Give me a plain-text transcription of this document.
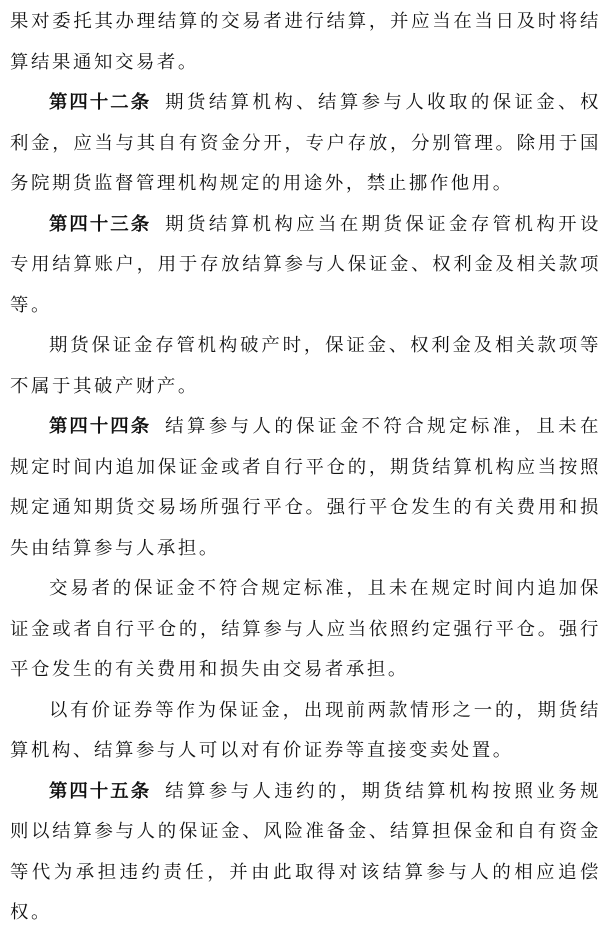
果对委托其办理结算的交易者进行结算，并应当在当日及时将结算结果通知交易者。

第四十二条 期货结算机构、结算参与人收取的保证金、权利金，应当与其自有资金分开，专户存放，分别管理。除用于国务院期货监督管理机构规定的用途外，禁止挪作他用。

第四十三条 期货结算机构应当在期货保证金存管机构开设专用结算账户，用于存放结算参与人保证金、权利金及相关款项等。

期货保证金存管机构破产时，保证金、权利金及相关款项等不属于其破产财产。

第四十四条 结算参与人的保证金不符合规定标准，且未在规定时间内追加保证金或者自行平仓的，期货结算机构应当按照规定通知期货交易场所强行平仓。强行平仓发生的有关费用和损失由结算参与人承担。

交易者的保证金不符合规定标准，且未在规定时间内追加保证金或者自行平仓的，结算参与人应当依照约定强行平仓。强行平仓发生的有关费用和损失由交易者承担。

以有价证券等作为保证金，出现前两款情形之一的，期货结算机构、结算参与人可以对有价证券等直接变卖处置。

第四十五条 结算参与人违约的，期货结算机构按照业务规则以结算参与人的保证金、风险准备金、结算担保金和自有资金等代为承担违约责任，并由此取得对该结算参与人的相应追偿权。
